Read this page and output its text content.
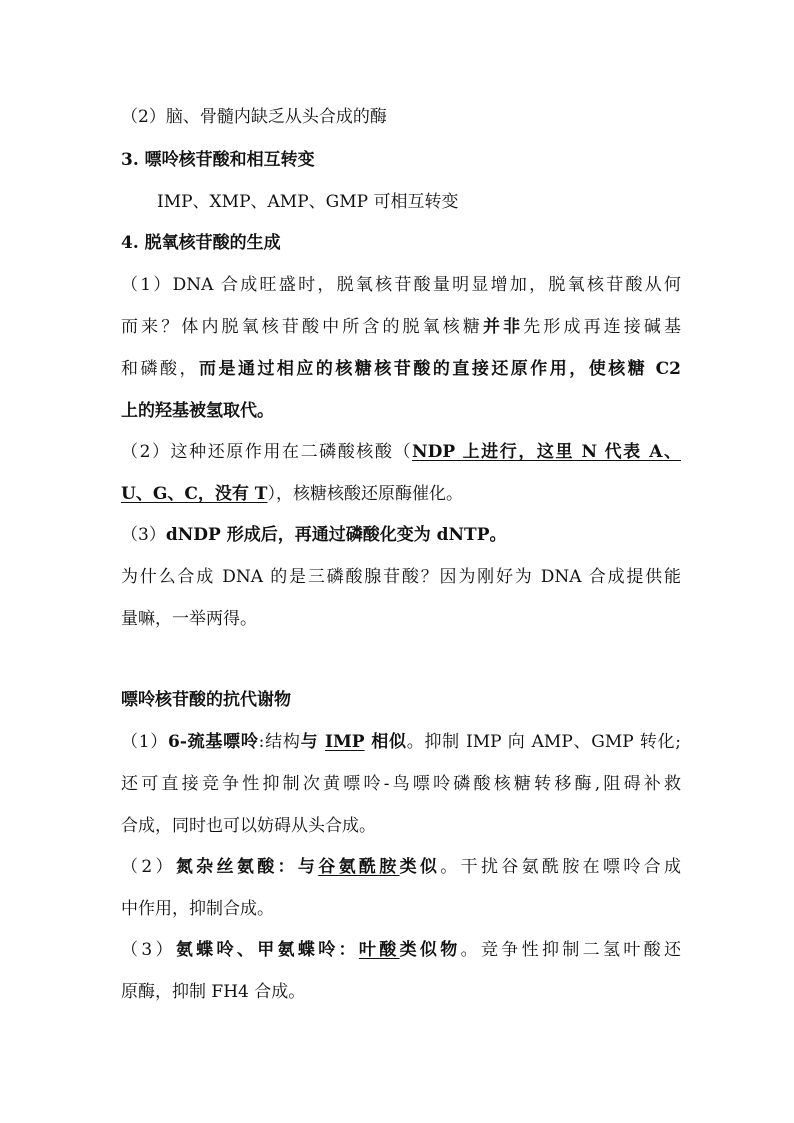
（2）脑、骨髓内缺乏从头合成的酶
3. 嘌呤核苷酸和相互转变
IMP、XMP、AMP、GMP 可相互转变
4. 脱氧核苷酸的生成
（1）DNA 合成旺盛时，脱氧核苷酸量明显增加，脱氧核苷酸从何
而来？体内脱氧核苷酸中所含的脱氧核糖并非先形成再连接碱基
和磷酸，而是通过相应的核糖核苷酸的直接还原作用，使核糖 C2
上的羟基被氢取代。
（2）这种还原作用在二磷酸核酸（NDP 上进行，这里 N 代表 A、
U、G、C，没有 T），核糖核酸还原酶催化。
（3）dNDP 形成后，再通过磷酸化变为 dNTP。
为什么合成 DNA 的是三磷酸腺苷酸？因为刚好为 DNA 合成提供能
量嘛，一举两得。
嘌呤核苷酸的抗代谢物
（1）6-巯基嘌呤:结构与 IMP 相似。抑制 IMP 向 AMP、GMP 转化;
还可直接竞争性抑制次黄嘌呤-鸟嘌呤磷酸核糖转移酶,阻碍补救
合成，同时也可以妨碍从头合成。
（2）氮杂丝氨酸：与谷氨酰胺类似。干扰谷氨酰胺在嘌呤合成
中作用，抑制合成。
（3）氨蝶呤、甲氨蝶呤：叶酸类似物。竞争性抑制二氢叶酸还
原酶，抑制 FH4 合成。
